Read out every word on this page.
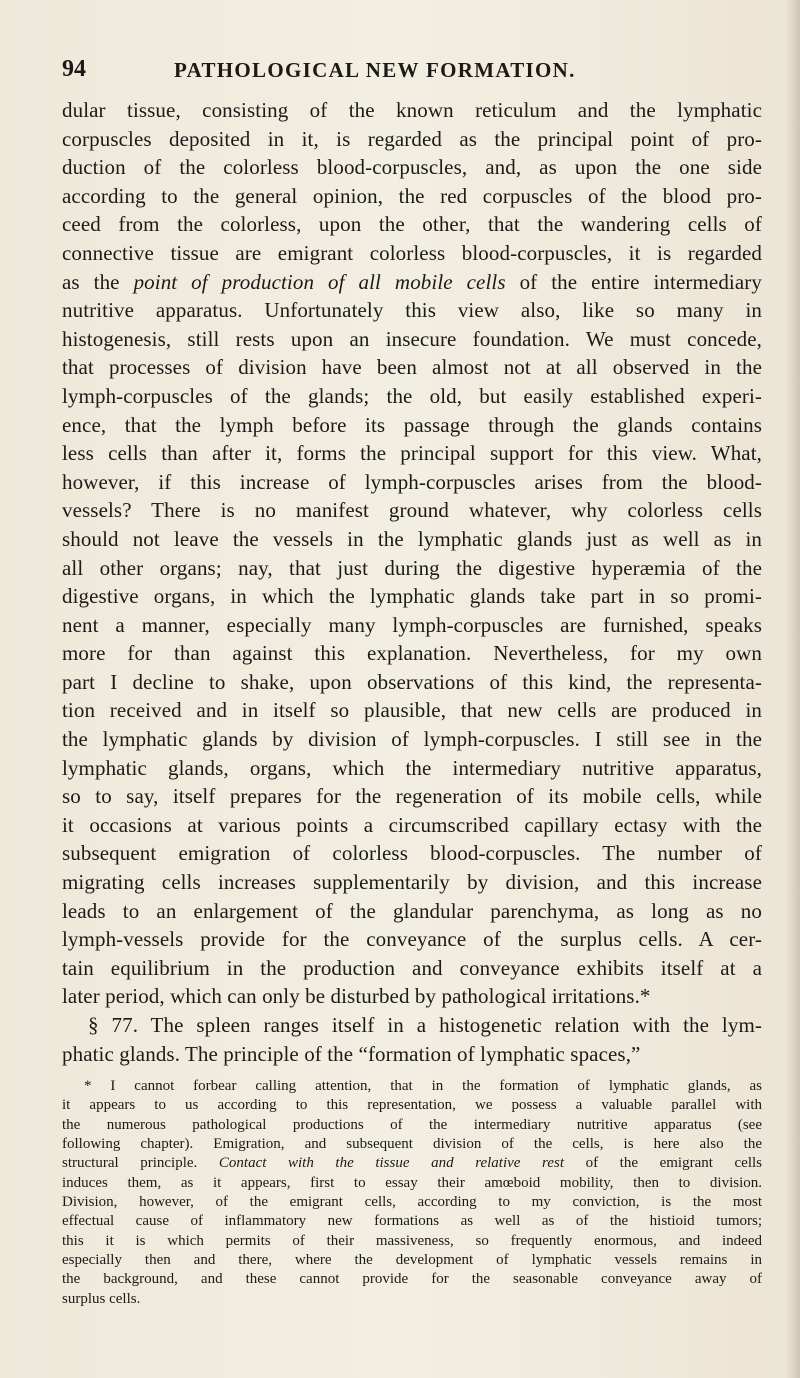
94	PATHOLOGICAL NEW FORMATION.
dular tissue, consisting of the known reticulum and the lymphatic
corpuscles deposited in it, is regarded as the principal point of pro-
duction of the colorless blood-corpuscles, and, as upon the one side
according to the general opinion, the red corpuscles of the blood pro-
ceed from the colorless, upon the other, that the wandering cells of
connective tissue are emigrant colorless blood-corpuscles, it is regarded
as the point of production of all mobile cells of the entire intermediary
nutritive apparatus. Unfortunately this view also, like so many in
histogenesis, still rests upon an insecure foundation. We must concede,
that processes of division have been almost not at all observed in the
lymph-corpuscles of the glands; the old, but easily established experi-
ence, that the lymph before its passage through the glands contains
less cells than after it, forms the principal support for this view. What,
however, if this increase of lymph-corpuscles arises from the blood-
vessels? There is no manifest ground whatever, why colorless cells
should not leave the vessels in the lymphatic glands just as well as in
all other organs; nay, that just during the digestive hyperæmia of the
digestive organs, in which the lymphatic glands take part in so promi-
nent a manner, especially many lymph-corpuscles are furnished, speaks
more for than against this explanation. Nevertheless, for my own
part I decline to shake, upon observations of this kind, the representa-
tion received and in itself so plausible, that new cells are produced in
the lymphatic glands by division of lymph-corpuscles. I still see in the
lymphatic glands, organs, which the intermediary nutritive apparatus,
so to say, itself prepares for the regeneration of its mobile cells, while
it occasions at various points a circumscribed capillary ectasy with the
subsequent emigration of colorless blood-corpuscles. The number of
migrating cells increases supplementarily by division, and this increase
leads to an enlargement of the glandular parenchyma, as long as no
lymph-vessels provide for the conveyance of the surplus cells. A cer-
tain equilibrium in the production and conveyance exhibits itself at a
later period, which can only be disturbed by pathological irritations.*
§ 77. The spleen ranges itself in a histogenetic relation with the lym-
phatic glands. The principle of the “formation of lymphatic spaces,”
* I cannot forbear calling attention, that in the formation of lymphatic glands, as
it appears to us according to this representation, we possess a valuable parallel with
the numerous pathological productions of the intermediary nutritive apparatus (see
following chapter). Emigration, and subsequent division of the cells, is here also the
structural principle. Contact with the tissue and relative rest of the emigrant cells
induces them, as it appears, first to essay their amœboid mobility, then to division.
Division, however, of the emigrant cells, according to my conviction, is the most
effectual cause of inflammatory new formations as well as of the histioid tumors;
this it is which permits of their massiveness, so frequently enormous, and indeed
especially then and there, where the development of lymphatic vessels remains in
the background, and these cannot provide for the seasonable conveyance away of
surplus cells.
